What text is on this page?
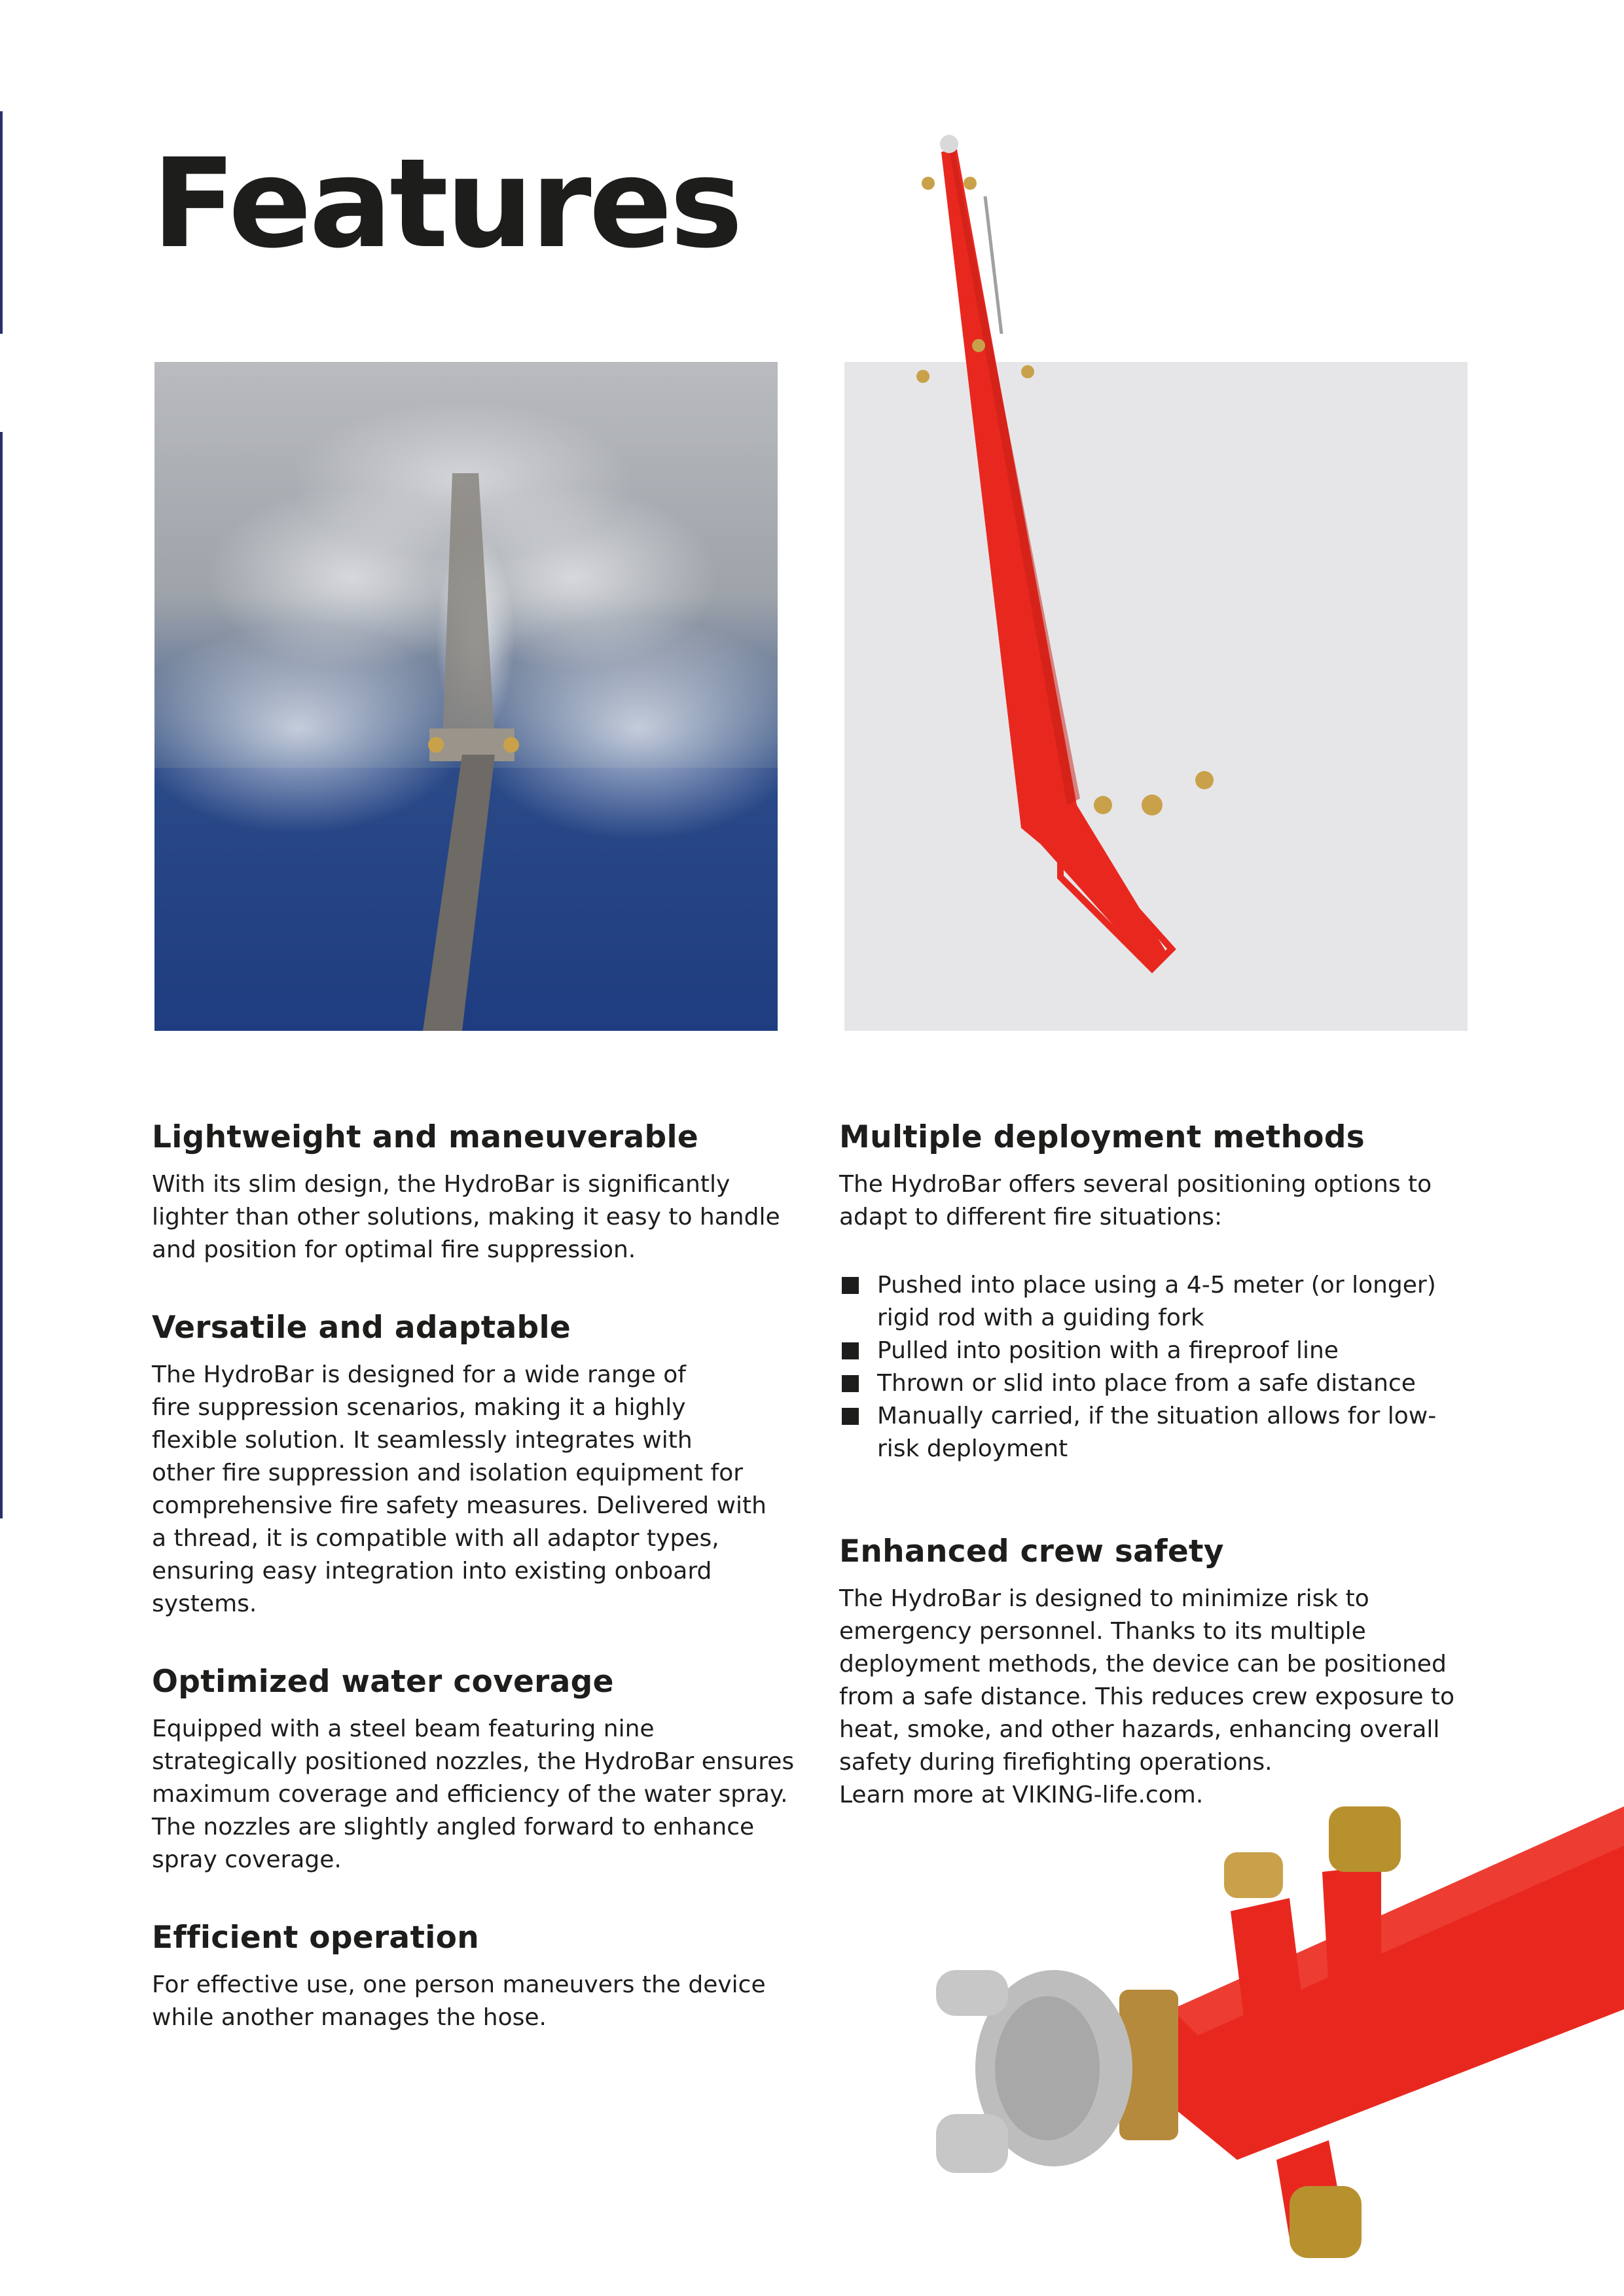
Features
Lightweight and maneuverable

With its slim design, the HydroBar is significantly
lighter than other solutions, making it easy to handle
and position for optimal fire suppression.

Versatile and adaptable

The HydroBar is designed for a wide range of
fire suppression scenarios, making it a highly
flexible solution. It seamlessly integrates with
other fire suppression and isolation equipment for
comprehensive fire safety measures. Delivered with
a thread, it is compatible with all adaptor types,
ensuring easy integration into existing onboard
systems.

Optimized water coverage

Equipped with a steel beam featuring nine
strategically positioned nozzles, the HydroBar ensures
maximum coverage and efficiency of the water spray.
The nozzles are slightly angled forward to enhance
spray coverage.

Efficient operation

For effective use, one person maneuvers the device
while another manages the hose.

Multiple deployment methods

The HydroBar offers several positioning options to
adapt to different fire situations:

Pushed into place using a 4-5 meter (or longer)
rigid rod with a guiding fork
Pulled into position with a fireproof line
Thrown or slid into place from a safe distance
Manually carried, if the situation allows for low-
risk deployment
Enhanced crew safety

The HydroBar is designed to minimize risk to
emergency personnel. Thanks to its multiple
deployment methods, the device can be positioned
from a safe distance. This reduces crew exposure to
heat, smoke, and other hazards, enhancing overall
safety during firefighting operations.
Learn more at VIKING-life.com.
